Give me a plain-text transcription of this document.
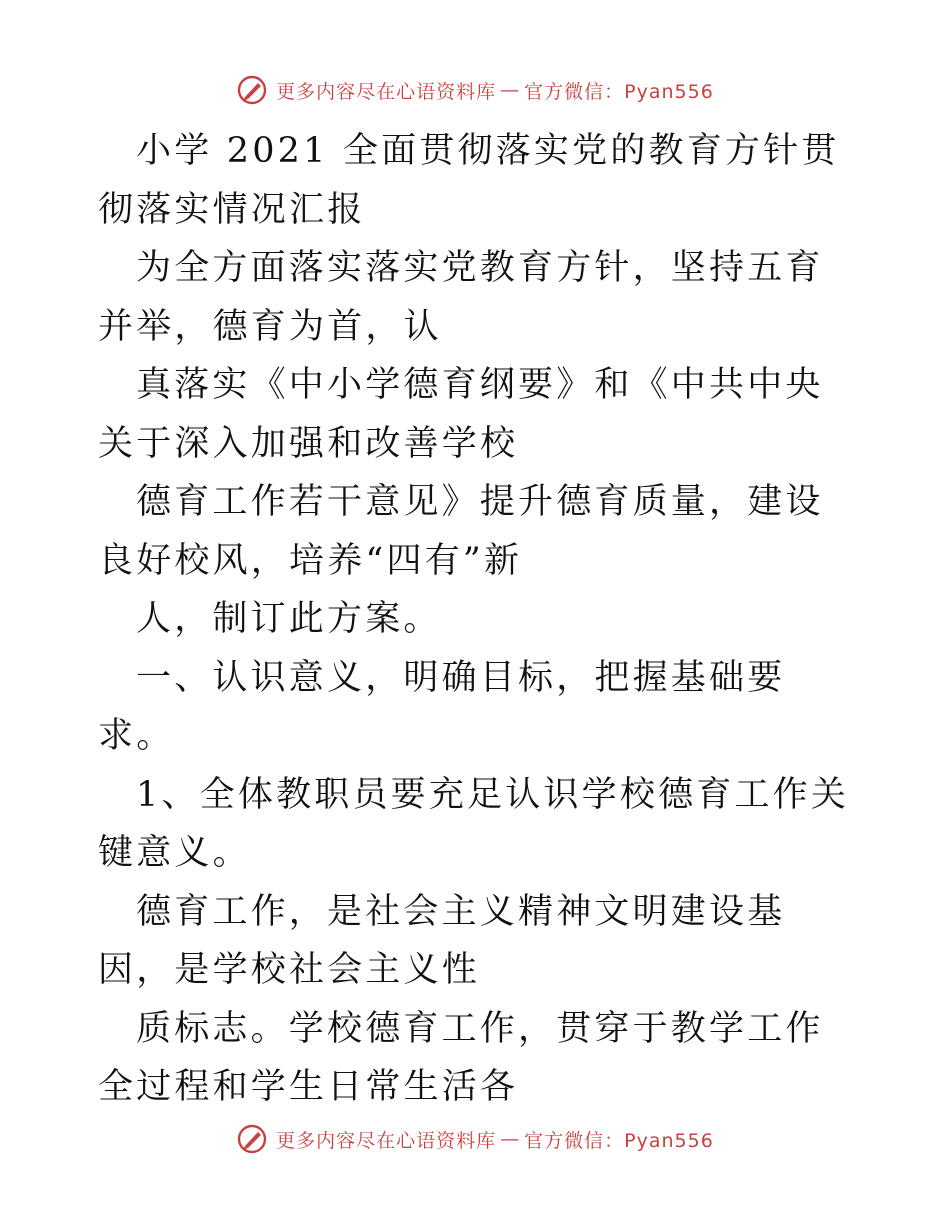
更多内容尽在心语资料库 — 官方微信：Pyan556

小学 2021 全面贯彻落实党的教育方针贯彻落实情况汇报

为全方面落实落实党教育方针，坚持五育并举，德育为首，认

真落实《中小学德育纲要》和《中共中央关于深入加强和改善学校

德育工作若干意见》提升德育质量，建设良好校风，培养“四有”新

人，制订此方案。

一、认识意义，明确目标，把握基础要求。

1、全体教职员要充足认识学校德育工作关键意义。

德育工作，是社会主义精神文明建设基因，是学校社会主义性

质标志。学校德育工作，贯穿于教学工作全过程和学生日常生活各

更多内容尽在心语资料库 — 官方微信：Pyan556
